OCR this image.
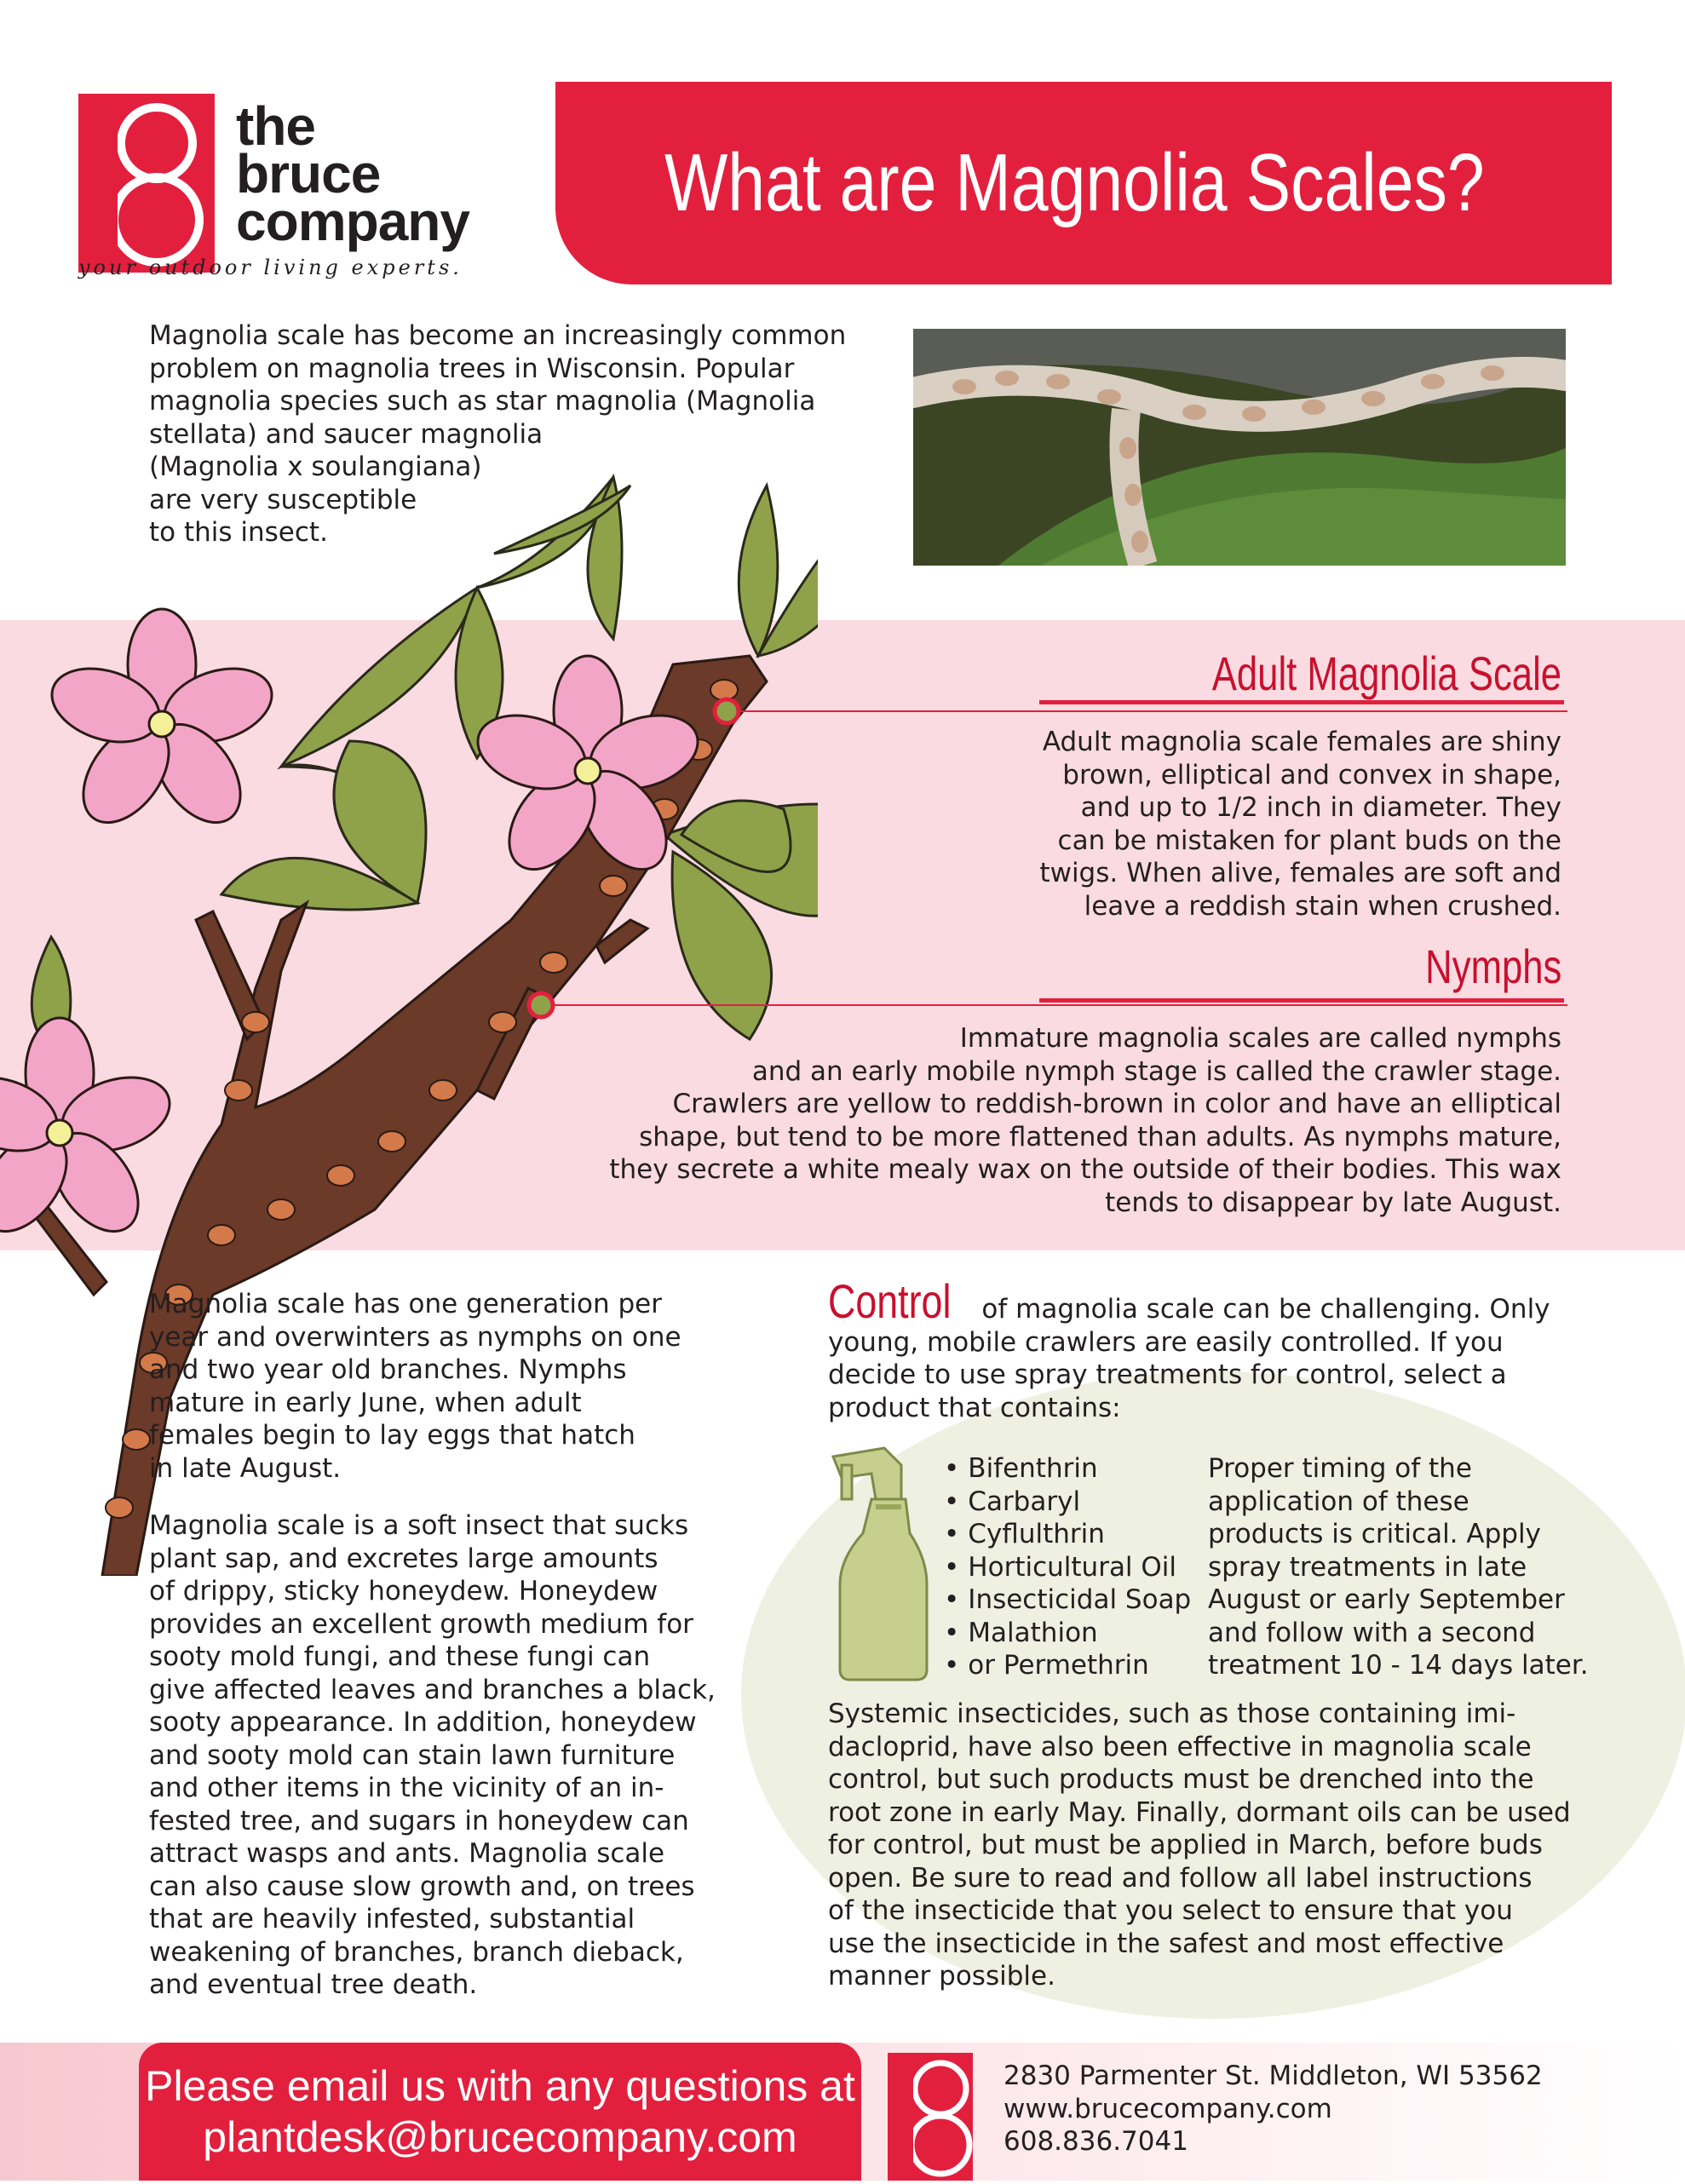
the
bruce
company
your outdoor living experts.
What are Magnolia Scales?
Magnolia scale has become an increasingly common
problem on magnolia trees in Wisconsin. Popular
magnolia species such as star magnolia (Magnolia
stellata) and saucer magnolia
(Magnolia x soulangiana)
are very susceptible
to this insect.
Adult Magnolia Scale
Adult magnolia scale females are shiny
brown, elliptical and convex in shape,
and up to 1/2 inch in diameter. They
can be mistaken for plant buds on the
twigs. When alive, females are soft and
leave a reddish stain when crushed.
Nymphs
Immature magnolia scales are called nymphs
and an early mobile nymph stage is called the crawler stage.
Crawlers are yellow to reddish-brown in color and have an elliptical
shape, but tend to be more flattened than adults. As nymphs mature,
they secrete a white mealy wax on the outside of their bodies. This wax
tends to disappear by late August.
Magnolia scale has one generation per
year and overwinters as nymphs on one
and two year old branches. Nymphs
mature in early June, when adult
females begin to lay eggs that hatch
in late August.
Magnolia scale is a soft insect that sucks
plant sap, and excretes large amounts
of drippy, sticky honeydew. Honeydew
provides an excellent growth medium for
sooty mold fungi, and these fungi can
give affected leaves and branches a black,
sooty appearance. In addition, honeydew
and sooty mold can stain lawn furniture
and other items in the vicinity of an in-
fested tree, and sugars in honeydew can
attract wasps and ants. Magnolia scale
can also cause slow growth and, on trees
that are heavily infested, substantial
weakening of branches, branch dieback,
and eventual tree death.
Control of magnolia scale can be challenging. Only
young, mobile crawlers are easily controlled. If you
decide to use spray treatments for control, select a
product that contains:
• Bifenthrin
• Carbaryl
• Cyflulthrin
• Horticultural Oil
• Insecticidal Soap
• Malathion
• or Permethrin
Proper timing of the
application of these
products is critical. Apply
spray treatments in late
August or early September
and follow with a second
treatment 10 - 14 days later.
Systemic insecticides, such as those containing imi-
dacloprid, have also been effective in magnolia scale
control, but such products must be drenched into the
root zone in early May. Finally, dormant oils can be used
for control, but must be applied in March, before buds
open. Be sure to read and follow all label instructions
of the insecticide that you select to ensure that you
use the insecticide in the safest and most effective
manner possible.
Please email us with any questions at
plantdesk@brucecompany.com
2830 Parmenter St. Middleton, WI 53562
www.brucecompany.com
608.836.7041
